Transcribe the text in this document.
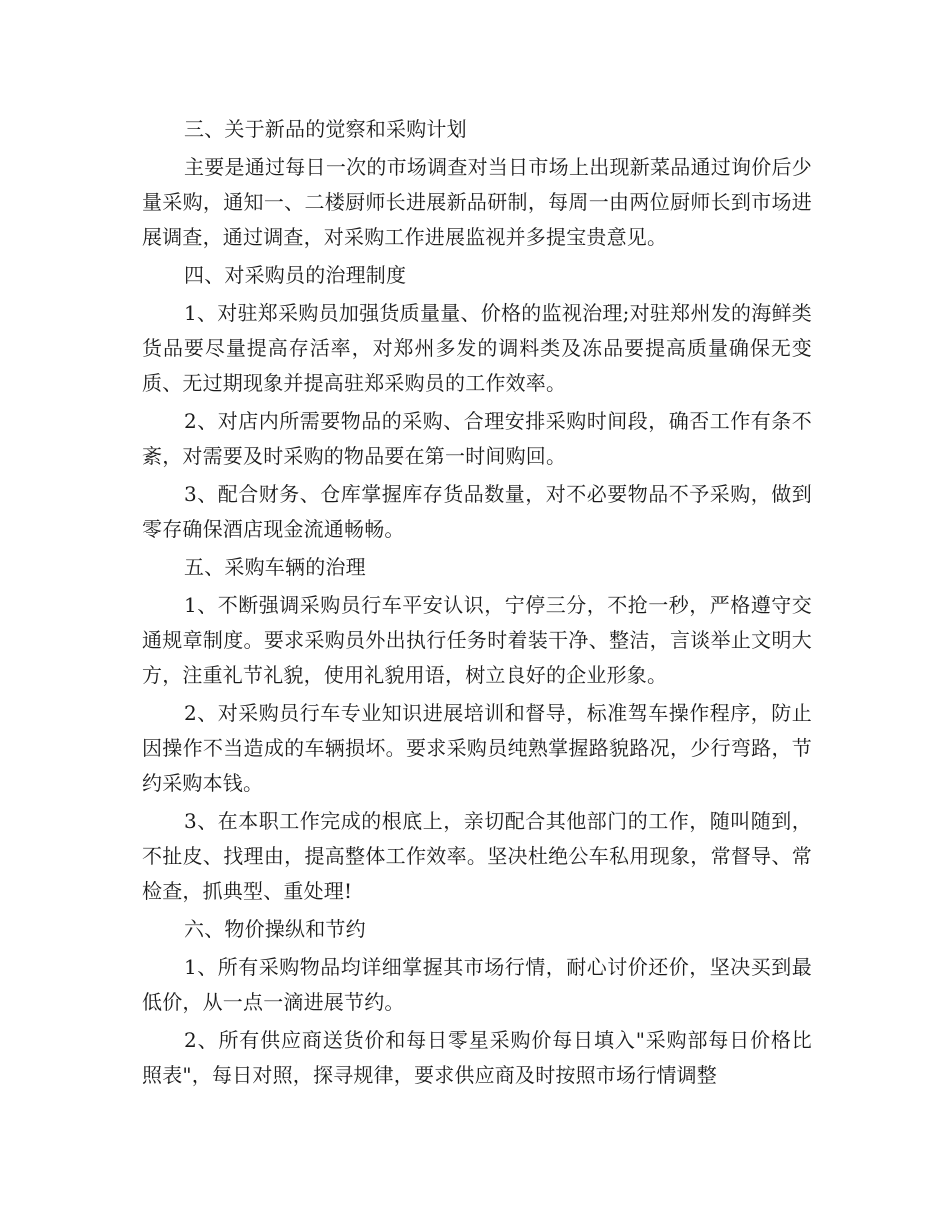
三、关于新品的觉察和采购计划

主要是通过每日一次的市场调查对当日市场上出现新菜品通过询价后少量采购，通知一、二楼厨师长进展新品研制，每周一由两位厨师长到市场进展调查，通过调查，对采购工作进展监视并多提宝贵意见。

四、对采购员的治理制度

1、对驻郑采购员加强货质量量、价格的监视治理;对驻郑州发的海鲜类货品要尽量提高存活率，对郑州多发的调料类及冻品要提高质量确保无变质、无过期现象并提高驻郑采购员的工作效率。

2、对店内所需要物品的采购、合理安排采购时间段，确否工作有条不紊，对需要及时采购的物品要在第一时间购回。

3、配合财务、仓库掌握库存货品数量，对不必要物品不予采购，做到零存确保酒店现金流通畅畅。

五、采购车辆的治理

1、不断强调采购员行车平安认识，宁停三分，不抢一秒，严格遵守交通规章制度。要求采购员外出执行任务时着装干净、整洁，言谈举止文明大方，注重礼节礼貌，使用礼貌用语，树立良好的企业形象。

2、对采购员行车专业知识进展培训和督导，标准驾车操作程序，防止因操作不当造成的车辆损坏。要求采购员纯熟掌握路貌路况，少行弯路，节约采购本钱。

3、在本职工作完成的根底上，亲切配合其他部门的工作，随叫随到，不扯皮、找理由，提高整体工作效率。坚决杜绝公车私用现象，常督导、常检查，抓典型、重处理!

六、物价操纵和节约

1、所有采购物品均详细掌握其市场行情，耐心讨价还价，坚决买到最低价，从一点一滴进展节约。

2、所有供应商送货价和每日零星采购价每日填入"采购部每日价格比照表"，每日对照，探寻规律，要求供应商及时按照市场行情调整
